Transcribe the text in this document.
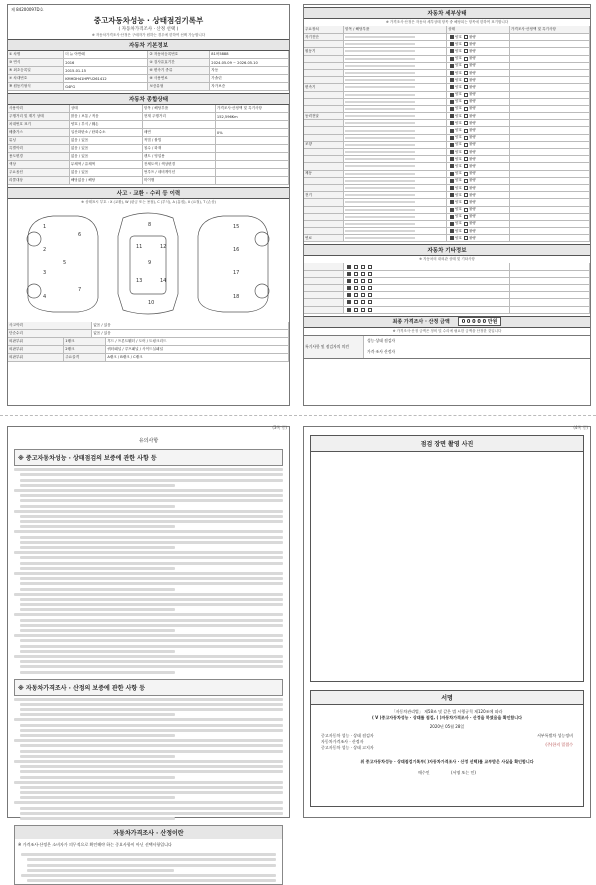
제 84200097D호
중고자동차성능 · 상태점검기록부
( 자동차가격조사 · 산정 선택 )
※ 자동차가격조사·산정은 구매자가 원하는 경우에 한하여 선택 가능합니다
자동차 기본정보
① 차명	더 뉴 아반떼	② 자동차등록번호	81버5888
③ 연식	2016	④ 검사유효기간	2024.05.09 ~ 2026.05.10
⑤ 최초등록일	2015-01-15	⑥ 변속기 종류	자동
⑦ 차대번호	KMHDH41HPFU261412	⑧ 사용연료	가솔린
⑨ 원동기형식	G4FG	보증유형	자가보증
자동차 종합상태
사용이력	상태	항목 / 해당부품	가격조사·산정액 및 특기사항
주행거리 및 계기 상태	많음 / 보통 / 적음	현재 주행거리	152,596Km
차대번호 표기	양호 / 부식 / 훼손
배출가스	일산화탄소 / 탄화수소	매연	0%
튜닝	없음 / 있음	적법 / 불법
특별이력	없음 / 있음	침수 / 화재
용도변경	없음 / 있음	렌트 / 영업용
색상	무채색 / 유채색	전체도색 / 색상변경
주요옵션	없음 / 있음	썬루프 / 네비게이션
리콜대상	해당없음 / 해당	미이행
사고 · 교환 · 수리 등 이력
※ 상태표시 부호 : X (교환), W (판금 또는 용접), C (부식), A (흠집), U (요철), T (손상)
1
2
3
4
5
6
7
8
9
10
11	12
13	14
15
16
17
18
사고이력	없음 / 있음
단순수리	없음 / 있음
외판부위	1랭크	후드 / 프론트휀더 / 도어 / 트렁크리드
외판부위	2랭크	쿼터패널 / 루프패널 / 사이드실패널
외판부위	주요골격	A랭크 / B랭크 / C랭크
자동차 세부상태
※ 가격조사·산정은 자동차 세부상태 항목 중 해당되는 항목에 한하여 표기합니다
주요장치	항목 / 해당부품	상태	가격조사·산정액 및 특기사항
자기진단	양호 불량
양호 불량
원동기	양호 불량
양호 불량
양호 불량
양호 불량
양호 불량
변속기	양호 불량
양호 불량
양호 불량
양호 불량
동력전달	양호 불량
양호 불량
양호 불량
양호 불량
조향	양호 불량
양호 불량
양호 불량
양호 불량
제동	양호 불량
양호 불량
양호 불량
전기	양호 불량
양호 불량
양호 불량
양호 불량
양호 불량
양호 불량
연료	양호 불량
자동차 기타정보
※ 자동차의 내외관 상태 및 기타사항
최종 가격조사 · 산정 금액	0 0 0 0 0 만원
※ 가격조사·산정 금액은 정비 및 수리에 필요한 금액을 산정한 것입니다
특기사항 및 점검자의 의견
성능·상태 점검자
가격·조사 산정자
(3쪽 중)
유의사항
※ 중고자동차성능 · 상태점검의 보증에 관한 사항 등
※ 자동차가격조사 · 산정의 보증에 관한 사항 등
자동차가격조사 · 산정이란
※ 가격조사·산정은 소비자가 의무적으로 확인해야 하는 중요사항이 아닌 선택사항입니다
(4쪽 중)
점검 장면 촬영 사진
서명
「자동차관리법」 제58조 및 같은 법 시행규칙 제120조에 따라
( V )중고자동차성능 · 상태를 점검, ( )자동차가격조사 · 산정을 하였음을 확인합니다
2020년 05월 28일
중고자동차 성능 · 상태 점검자
자동차가격조사 · 산정자
중고자동차 성능 · 상태 고지자
서부특별차 성능정비
(주)한지 밀접수
위 중고자동차성능 · 상태점검기록부( )자동차가격조사 · 산정 선택)를 교부받은 사실을 확인합니다
매수인	(서명 또는 인)
